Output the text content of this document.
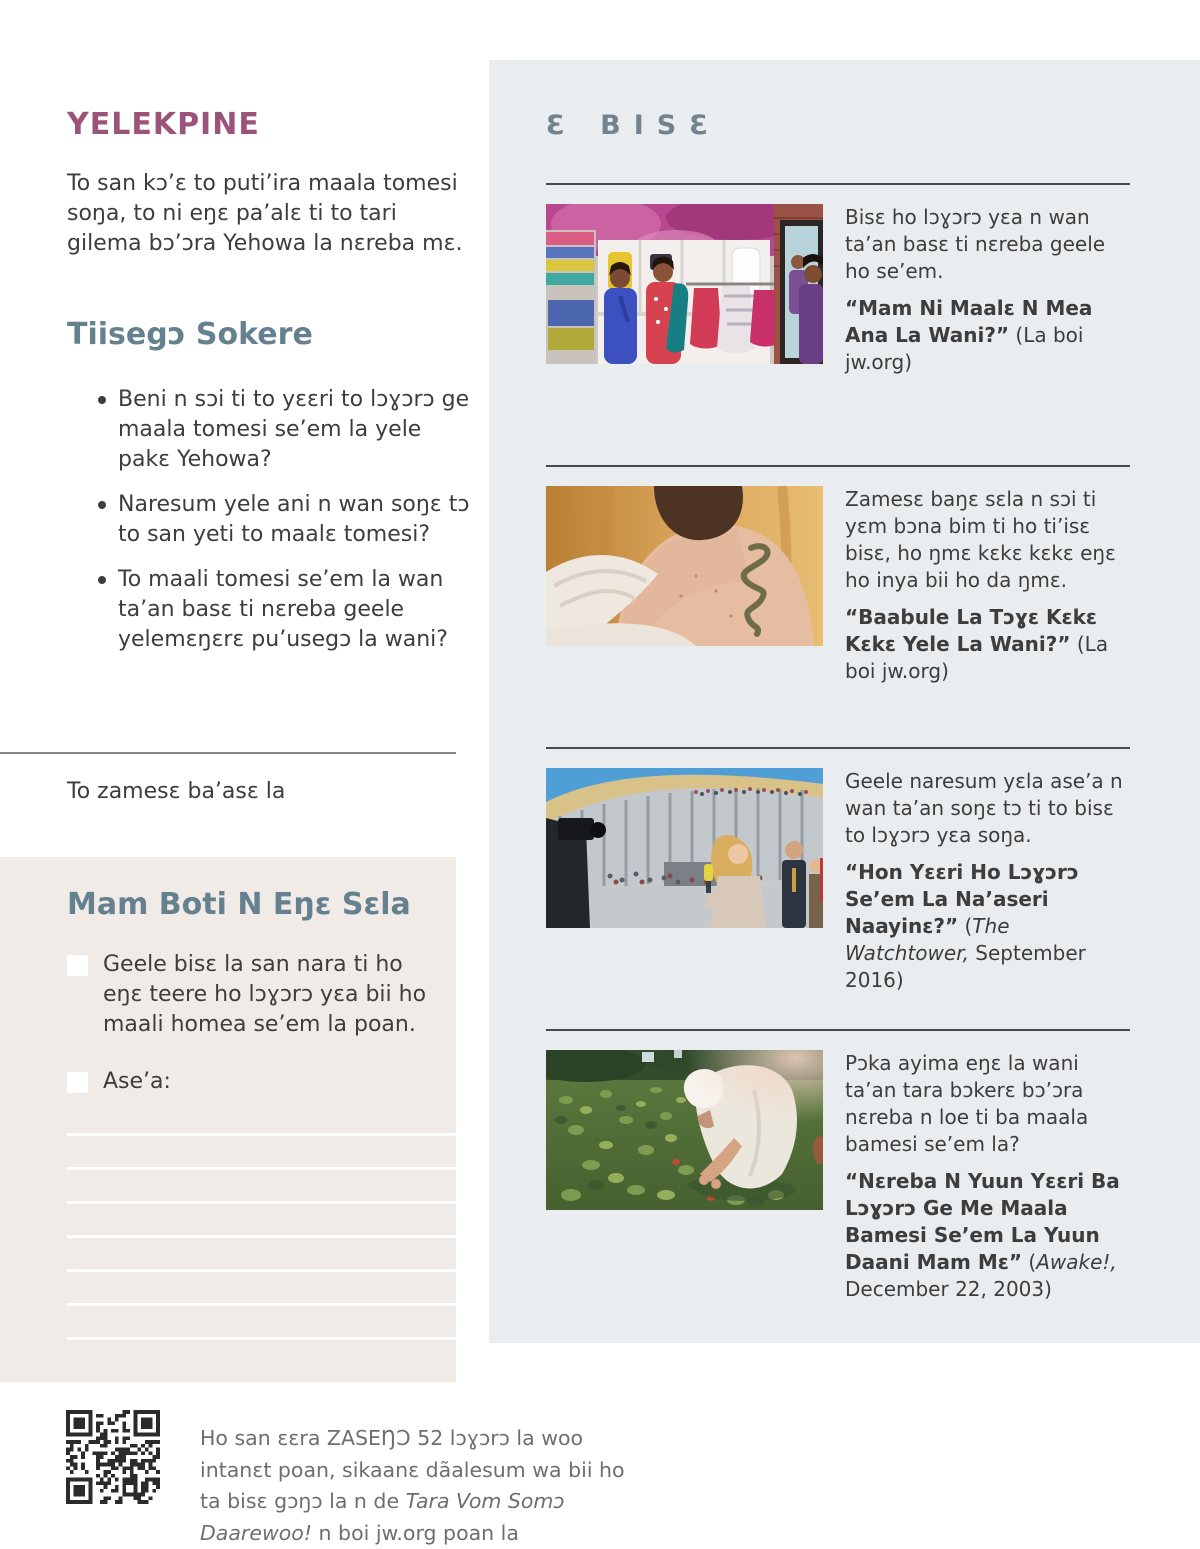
YELEKPINE

To san kɔ’ɛ to puti’ira maala tomesi soŋa, to ni eŋɛ pa’alɛ ti to tari gilema bɔ’ɔra Yehowa la nɛreba mɛ.

Tiisegɔ Sokere
Beni n sɔi ti to yɛɛri to lɔɣɔrɔ ge maala tomesi se’em la yele pakɛ Yehowa?
Naresum yele ani n wan soŋɛ tɔ to san yeti to maalɛ tomesi?
To maali tomesi se’em la wan ta’an basɛ ti nɛreba geele yelemɛŋɛrɛ pu’usegɔ la wani?

To zamesɛ ba’asɛ la

Mam Boti N Eŋɛ Sɛla
Geele bisɛ la san nara ti ho eŋɛ teere ho lɔɣɔrɔ yɛa bii ho maali homea se’em la poan.
Ase’a:
Ɛ BISƐ

Bisɛ ho lɔɣɔrɔ yɛa n wan ta’an basɛ ti nɛreba geele ho se’em.

“Mam Ni Maalɛ N Mea Ana La Wani?” (La boi jw.org)

Zamesɛ baŋɛ sɛla n sɔi ti yɛm bɔna bim ti ho ti’isɛ bisɛ, ho ŋmɛ kɛkɛ kɛkɛ eŋɛ ho inya bii ho da ŋmɛ.

“Baabule La Tɔɣɛ Kɛkɛ Kɛkɛ Yele La Wani?” (La boi jw.org)

Geele naresum yɛla ase’a n wan ta’an soŋɛ tɔ ti to bisɛ to lɔɣɔrɔ yɛa soŋa.

“Hon Yɛɛri Ho Lɔɣɔrɔ Se’em La Na’aseri Naayinɛ?” (The Watchtower, September 2016)

Pɔka ayima eŋɛ la wani ta’an tara bɔkerɛ bɔ’ɔra nɛreba n loe ti ba maala bamesi se’em la?

“Nɛreba N Yuun Yɛɛri Ba Lɔɣɔrɔ Ge Me Maala Bamesi Se’em La Yuun Daani Mam Mɛ” (Awake!, December 22, 2003)

Ho san ɛɛra ZASEŊƆ 52 lɔɣɔrɔ la woo intanɛt poan, sikaanɛ dãalesum wa bii ho ta bisɛ gɔŋɔ la n de Tara Vom Somɔ Daarewoo! n boi jw.org poan la
